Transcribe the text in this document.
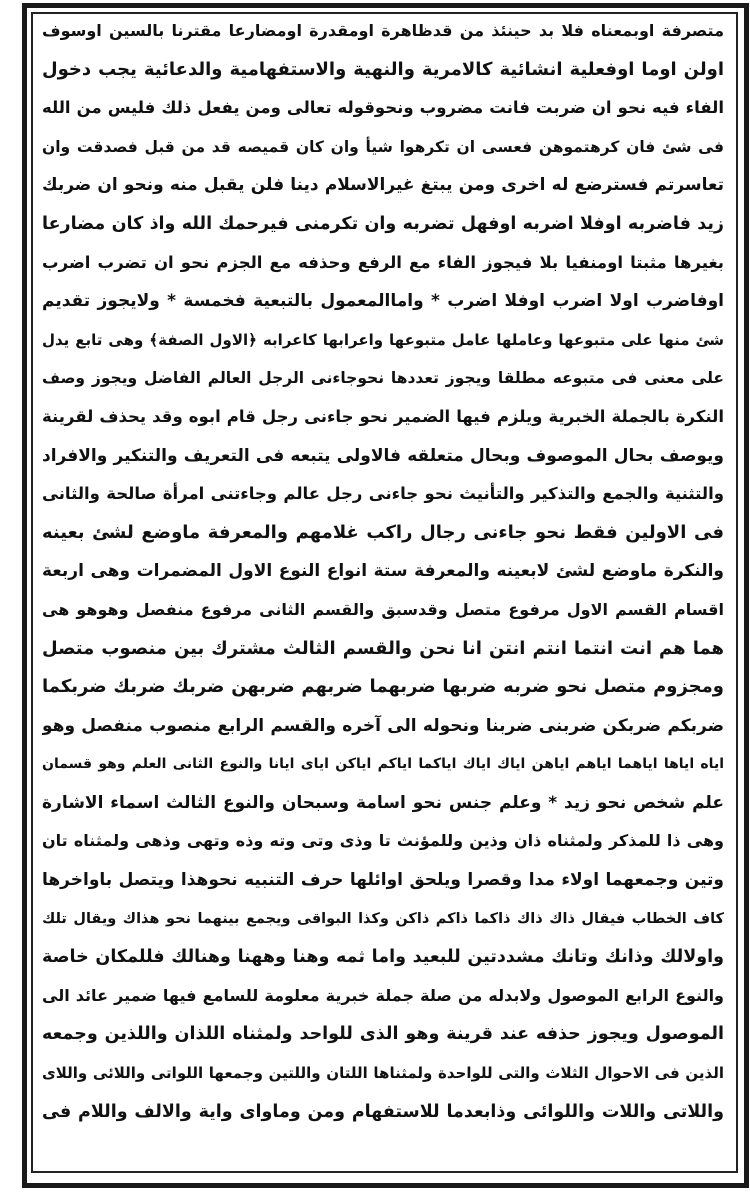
متصرفة اوبمعناه فلا بد حينئذ من قدظاهرة اومقدرة اومضارعا مقترنا بالسين اوسوف
اولن اوما اوفعلية انشائية كالامرية والنهية والاستفهامية والدعائية يجب دخول
الفاء فيه نحو ان ضربت فانت مضروب ونحوقوله تعالى ومن يفعل ذلك فليس من الله
فى شئ فان كرهتموهن فعسى ان تكرهوا شيأ وان كان قميصه قد من قبل فصدقت وان
تعاسرتم فسترضع له اخرى ومن يبتغ غيرالاسلام دينا فلن يقبل منه ونحو ان ضربك
زيد فاضربه اوفلا اضربه اوفهل تضربه وان تكرمنى فيرحمك الله واذ كان مضارعا
بغيرها مثبتا اومنفيا بلا فيجوز الفاء مع الرفع وحذفه مع الجزم نحو ان تضرب اضرب
اوفاضرب اولا اضرب اوفلا اضرب * واماالمعمول بالتبعية فخمسة * ولايجوز تقديم
شئ منها على متبوعها وعاملها عامل متبوعها واعرابها كاعرابه ﴿الاول الصفة﴾ وهى تابع يدل
على معنى فى متبوعه مطلقا ويجوز تعددها نحوجاءنى الرجل العالم الفاضل ويجوز وصف
النكرة بالجملة الخبرية ويلزم فيها الضمير نحو جاءنى رجل قام ابوه وقد يحذف لقرينة
ويوصف بحال الموصوف وبحال متعلقه فالاولى يتبعه فى التعريف والتنكير والافراد
والتثنية والجمع والتذكير والتأنيث نحو جاءنى رجل عالم وجاءتنى امرأة صالحة والثانى
فى الاولين فقط نحو جاءنى رجال راكب غلامهم والمعرفة ماوضع لشئ بعينه
والنكرة ماوضع لشئ لابعينه والمعرفة ستة انواع النوع الاول المضمرات وهى اربعة
اقسام القسم الاول مرفوع متصل وقدسبق والقسم الثانى مرفوع منفصل وهوهو هى
هما هم انت انتما انتم انتن انا نحن والقسم الثالث مشترك بين منصوب متصل
ومجزوم متصل نحو ضربه ضربها ضربهما ضربهم ضربهن ضربك ضربك ضربكما
ضربكم ضربكن ضربنى ضربنا ونحوله الى آخره والقسم الرابع منصوب منفصل وهو
اياه اياها اياهما اياهم اياهن اياك اياك اياكما اياكم اياكن اياى ايانا والنوع الثانى العلم وهو قسمان
علم شخص نحو زيد * وعلم جنس نحو اسامة وسبحان والنوع الثالث اسماء الاشارة
وهى ذا للمذكر ولمثناه ذان وذين وللمؤنث تا وذى وتى وته وذه وتهى وذهى ولمثناه تان
وتين وجمعهما اولاء مدا وقصرا ويلحق اوائلها حرف التنبيه نحوهذا ويتصل باواخرها
كاف الخطاب فيقال ذاك ذاك ذاكما ذاكم ذاكن وكذا البواقى ويجمع بينهما نحو هذاك ويقال تلك
واولالك وذانك وتانك مشددتين للبعيد واما ثمه وهنا وههنا وهنالك فللمكان خاصة
والنوع الرابع الموصول ولابدله من صلة جملة خبرية معلومة للسامع فيها ضمير عائد الى
الموصول ويجوز حذفه عند قرينة وهو الذى للواحد ولمثناه اللذان واللذين وجمعه
الذين فى الاحوال الثلاث والتى للواحدة ولمثناها اللتان واللتين وجمعها اللواتى واللائى واللاى
واللاتى واللات واللوائى وذابعدما للاستفهام ومن وماواى واية والالف واللام فى
